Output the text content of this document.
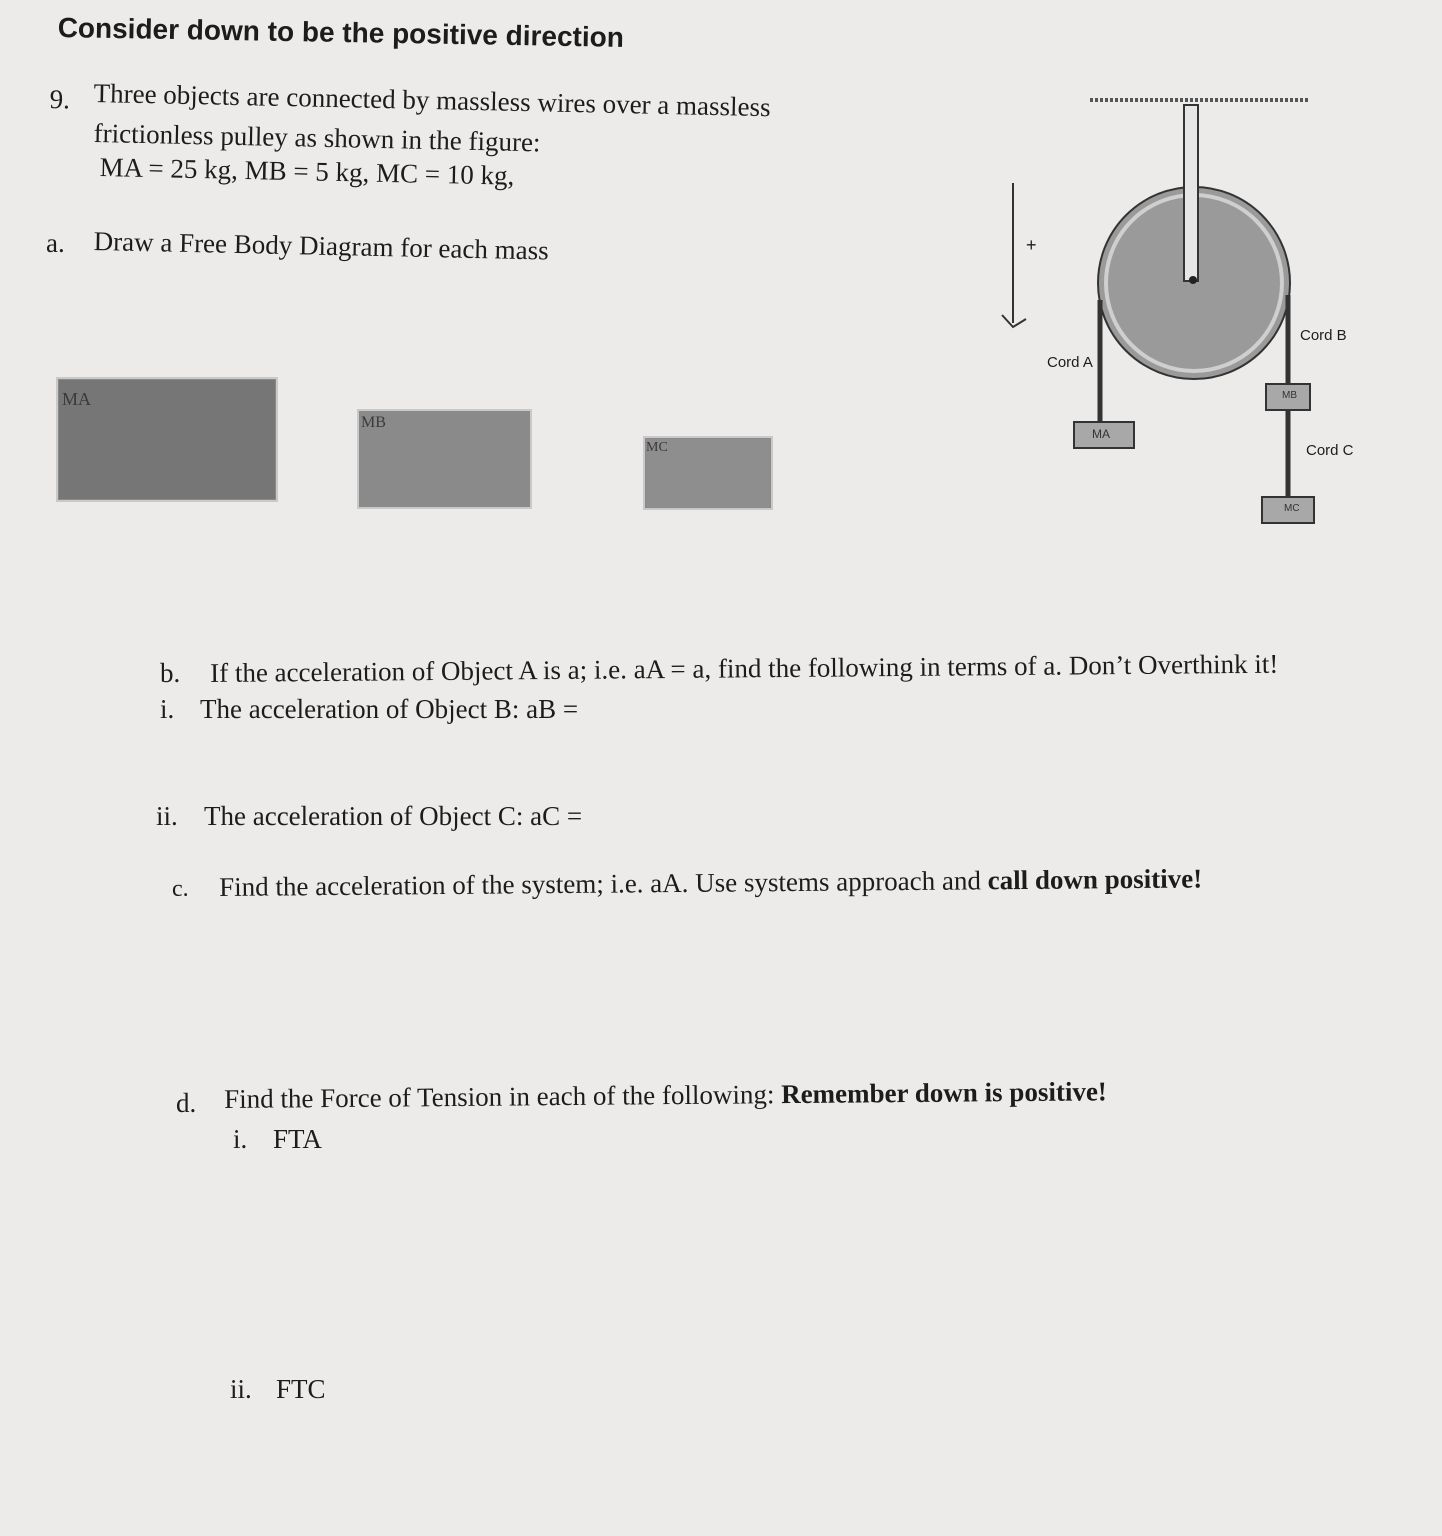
Consider down to be the positive direction
9. Three objects are connected by massless wires over a massless
frictionless pulley as shown in the figure:
MA = 25 kg, MB = 5 kg, MC = 10 kg,
a. Draw a Free Body Diagram for each mass
MA
MB
MC
+
Cord A
Cord B
Cord C
MA
MB
MC
b. If the acceleration of Object A is a; i.e. aA = a, find the following in terms of a. Don’t Overthink it!
i. The acceleration of Object B: aB =
ii. The acceleration of Object C: aC =
c. Find the acceleration of the system; i.e. aA. Use systems approach and call down positive!
d. Find the Force of Tension in each of the following: Remember down is positive!
i. FTA
ii. FTC
